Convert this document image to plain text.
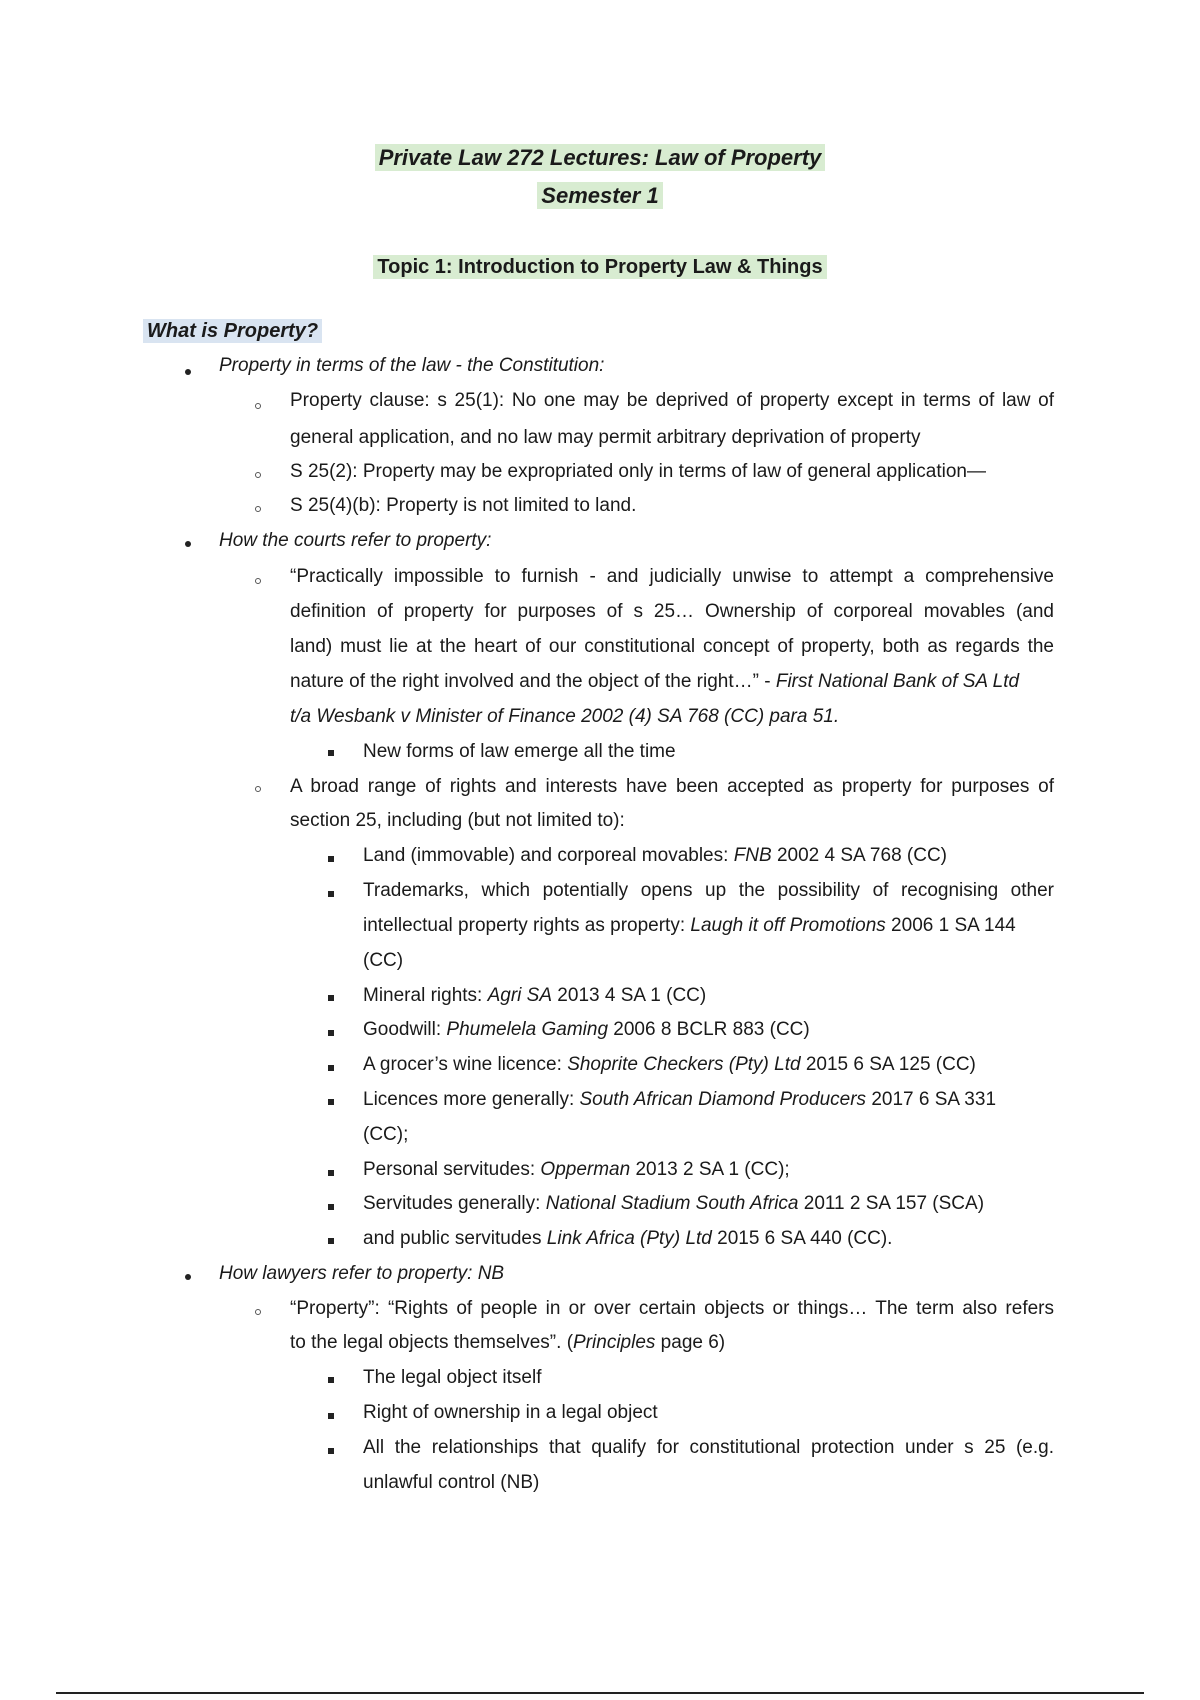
Private Law 272 Lectures: Law of Property
Semester 1
Topic 1: Introduction to Property Law & Things
What is Property?
Property in terms of the law - the Constitution:
Property clause: s 25(1): No one may be deprived of property except in terms of law of
general application, and no law may permit arbitrary deprivation of property
S 25(2): Property may be expropriated only in terms of law of general application—
S 25(4)(b): Property is not limited to land.
How the courts refer to property:
“Practically impossible to furnish - and judicially unwise to attempt a comprehensive
definition of property for purposes of s 25… Ownership of corporeal movables (and
land) must lie at the heart of our constitutional concept of property, both as regards the
nature of the right involved and the object of the right…” - First National Bank of SA Ltd
t/a Wesbank v Minister of Finance 2002 (4) SA 768 (CC) para 51.
New forms of law emerge all the time
A broad range of rights and interests have been accepted as property for purposes of
section 25, including (but not limited to):
Land (immovable) and corporeal movables: FNB 2002 4 SA 768 (CC)
Trademarks, which potentially opens up the possibility of recognising other
intellectual property rights as property: Laugh it off Promotions 2006 1 SA 144
(CC)
Mineral rights: Agri SA 2013 4 SA 1 (CC)
Goodwill: Phumelela Gaming 2006 8 BCLR 883 (CC)
A grocer’s wine licence: Shoprite Checkers (Pty) Ltd 2015 6 SA 125 (CC)
Licences more generally: South African Diamond Producers 2017 6 SA 331
(CC);
Personal servitudes: Opperman 2013 2 SA 1 (CC);
Servitudes generally: National Stadium South Africa 2011 2 SA 157 (SCA)
and public servitudes Link Africa (Pty) Ltd 2015 6 SA 440 (CC).
How lawyers refer to property: NB
“Property”: “Rights of people in or over certain objects or things… The term also refers
to the legal objects themselves”. (Principles page 6)
The legal object itself
Right of ownership in a legal object
All the relationships that qualify for constitutional protection under s 25 (e.g.
unlawful control (NB)
